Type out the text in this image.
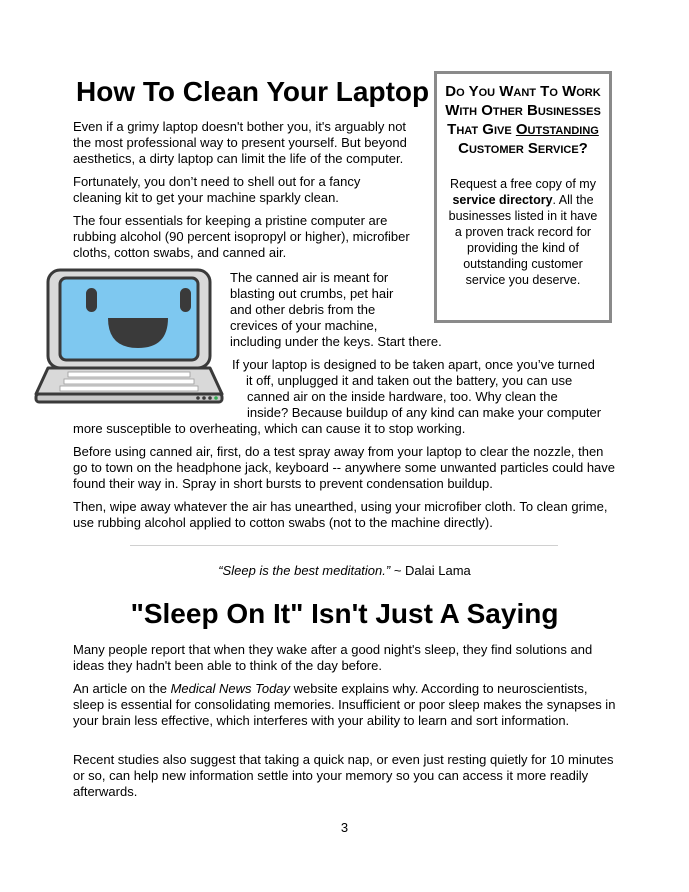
How To Clean Your Laptop

Even if a grimy laptop doesn't bother you, it's arguably not the most professional way to present yourself. But beyond aesthetics, a dirty laptop can limit the life of the computer.

Fortunately, you don’t need to shell out for a fancy cleaning kit to get your machine sparkly clean.

The four essentials for keeping a pristine computer are rubbing alcohol (90 percent isopropyl or higher), microfiber cloths, cotton swabs, and canned air.

Do You Want To Work With Other Businesses That Give Outstanding Customer Service?
Request a free copy of my service directory. All the businesses listed in it have a proven track record for providing the kind of outstanding customer service you deserve.
The canned air is meant for
blasting out crumbs, pet hair
and other debris from the
crevices of your machine,
including under the keys. Start there.
If your laptop is designed to be taken apart, once you’ve turned
it off, unplugged it and taken out the battery, you can use
canned air on the inside hardware, too. Why clean the
inside? Because buildup of any kind can make your computer
more susceptible to overheating, which can cause it to stop working.

Before using canned air, first, do a test spray away from your laptop to clear the nozzle, then go to town on the headphone jack, keyboard -- anywhere some unwanted particles could have found their way in. Spray in short bursts to prevent condensation buildup.

Then, wipe away whatever the air has unearthed, using your microfiber cloth. To clean grime, use rubbing alcohol applied to cotton swabs (not to the machine directly).

“Sleep is the best meditation.” ~ Dalai Lama
"Sleep On It" Isn't Just A Saying

Many people report that when they wake after a good night's sleep, they find solutions and ideas they hadn't been able to think of the day before.

An article on the Medical News Today website explains why. According to neuroscientists, sleep is essential for consolidating memories. Insufficient or poor sleep makes the synapses in your brain less effective, which interferes with your ability to learn and sort information.

Recent studies also suggest that taking a quick nap, or even just resting quietly for 10 minutes or so, can help new information settle into your memory so you can access it more readily afterwards.

3
